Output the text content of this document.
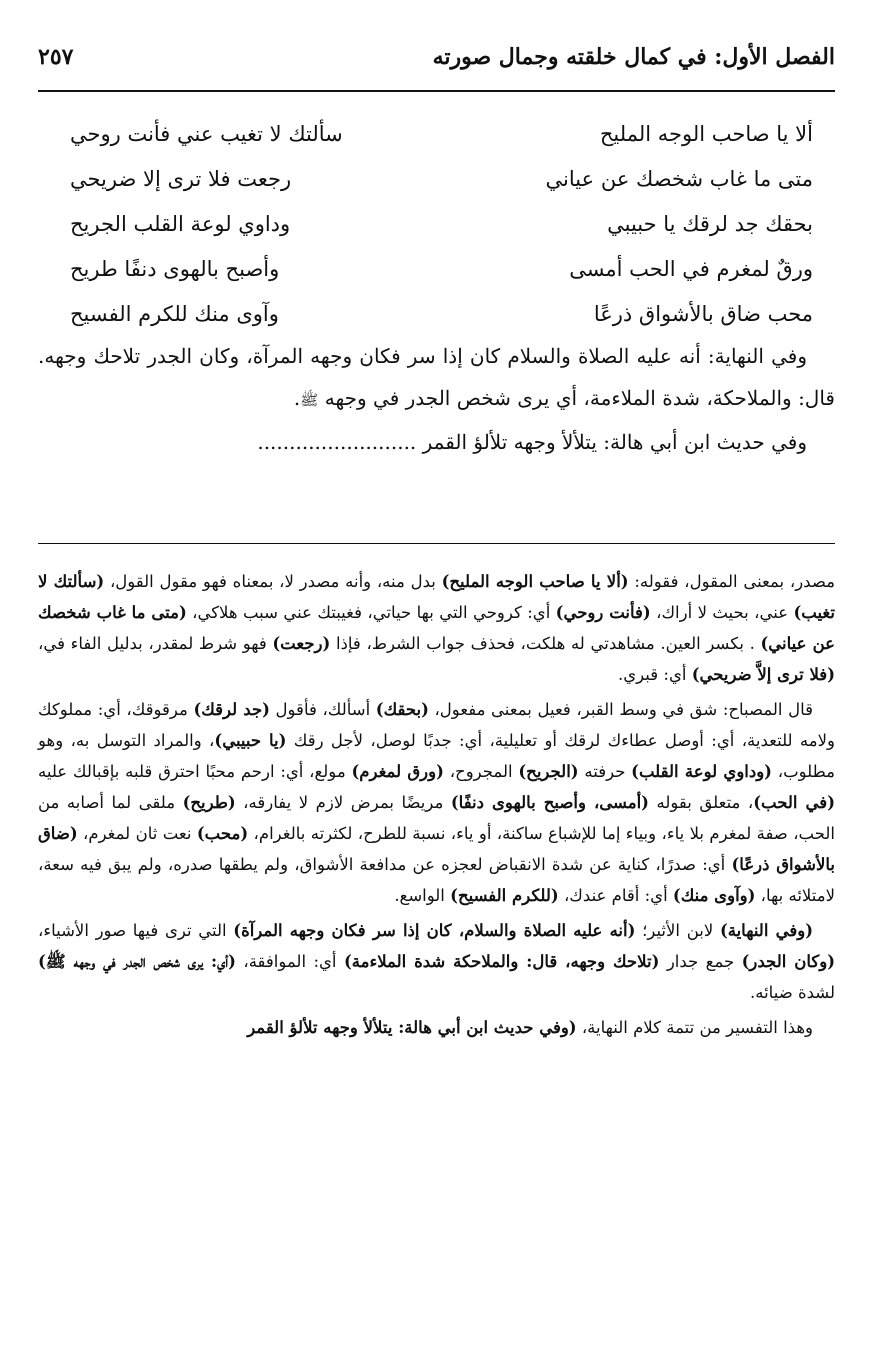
الفصل الأول: في كمال خلقته وجمال صورته
٢٥٧
ألا يا صاحب الوجه المليح
سألتك لا تغيب عني فأنت روحي
متى ما غاب شخصك عن عياني
رجعت فلا ترى إلا ضريحي
بحقك جد لرقك يا حبيبي
وداوي لوعة القلب الجريح
ورقٌ لمغرم في الحب أمسى
وأصبح بالهوى دنفًا طريح
محب ضاق بالأشواق ذرعًا
وآوى منك للكرم الفسيح

وفي النهاية: أنه عليه الصلاة والسلام كان إذا سر فكان وجهه المرآة، وكان الجدر تلاحك وجهه. قال: والملاحكة، شدة الملاءمة، أي يرى شخص الجدر في وجهه ﷺ.

وفي حديث ابن أبي هالة: يتلألأ وجهه تلألؤ القمر .........................

مصدر، بمعنى المقول، فقوله: (ألا يا صاحب الوجه المليح) بدل منه، وأنه مصدر لا، بمعناه فهو مقول القول، (سألتك لا تغيب) عني، بحيث لا أراك، (فأنت روحي) أي: كروحي التي بها حياتي، فغيبتك عني سبب هلاكي، (متى ما غاب شخصك عن عياني) . بكسر العين. مشاهدتي له هلكت، فحذف جواب الشرط، فإذا (رجعت) فهو شرط لمقدر، بدليل الفاء في، (فلا ترى إلاَّ ضريحي) أي: قبري.

قال المصباح: شق في وسط القبر، فعيل بمعنى مفعول، (بحقك) أسألك، فأقول (جد لرقك) مرقوقك، أي: مملوكك ولامه للتعدية، أي: أوصل عطاءك لرقك أو تعليلية، أي: جدبًا لوصل، لأجل رقك (يا حبيبي)، والمراد التوسل به، وهو مطلوب، (وداوي لوعة القلب) حرفته (الجريح) المجروح، (ورق لمغرم) مولع، أي: ارحم محبًا احترق قلبه بإقبالك عليه (في الحب)، متعلق بقوله (أمسى، وأصبح بالهوى دنفًا) مريضًا بمرض لازم لا يفارقه، (طريح) ملقى لما أصابه من الحب، صفة لمغرم بلا ياء، وبياء إما للإشباع ساكنة، أو ياء، نسبة للطرح، لكثرته بالغرام، (محب) نعت ثان لمغرم، (ضاق بالأشواق ذرعًا) أي: صدرًا، كناية عن شدة الانقباض لعجزه عن مدافعة الأشواق، ولم يطقها صدره، ولم يبق فيه سعة، لامتلائه بها، (وآوى منك) أي: أقام عندك، (للكرم الفسيح) الواسع.

(وفي النهاية) لابن الأثير؛ (أنه عليه الصلاة والسلام، كان إذا سر فكان وجهه المرآة) التي ترى فيها صور الأشياء، (وكان الجدر) جمع جدار (تلاحك وجهه، قال: والملاحكة شدة الملاءمة) أي: الموافقة، (أي: يرى شخص الجدر في وجهه ﷺ) لشدة ضيائه.

وهذا التفسير من تتمة كلام النهاية، (وفي حديث ابن أبي هالة: يتلألأ وجهه تلألؤ القمر
